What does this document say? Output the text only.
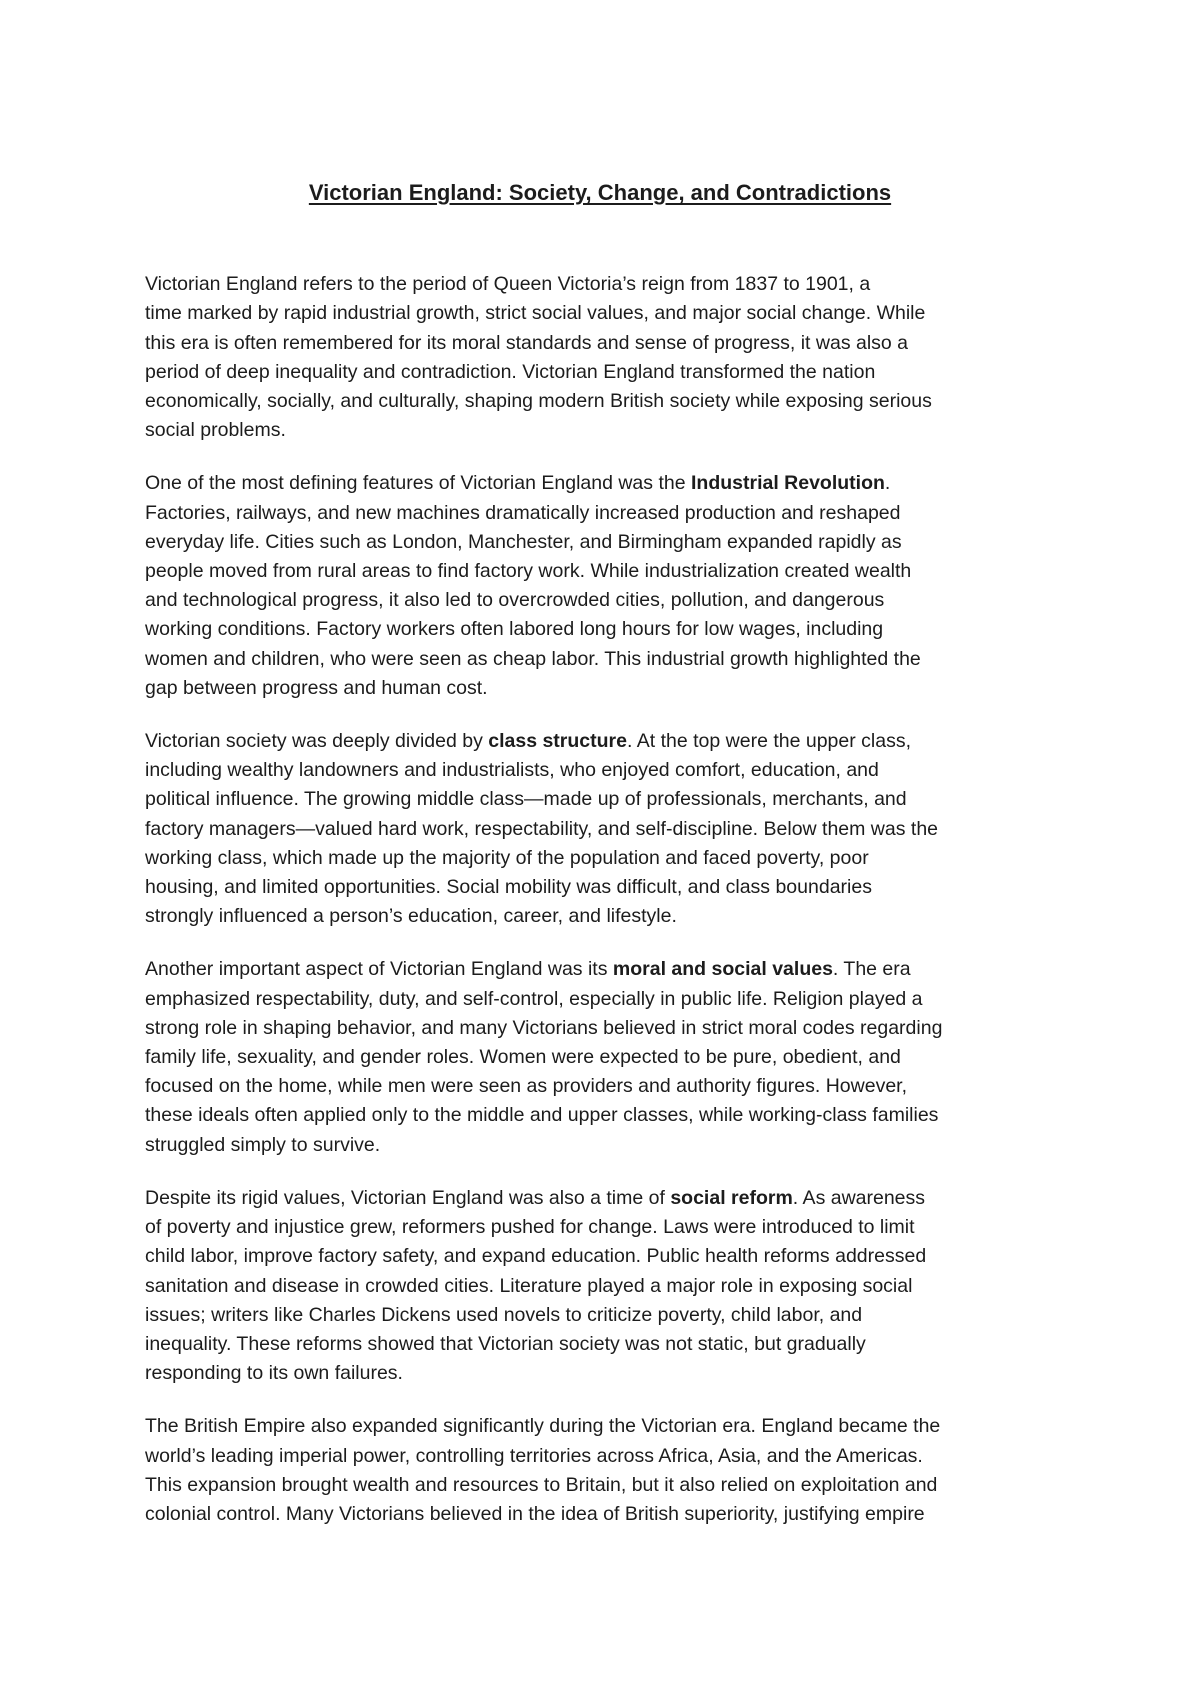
Victorian England: Society, Change, and Contradictions

Victorian England refers to the period of Queen Victoria’s reign from 1837 to 1901, a
time marked by rapid industrial growth, strict social values, and major social change. While
this era is often remembered for its moral standards and sense of progress, it was also a
period of deep inequality and contradiction. Victorian England transformed the nation
economically, socially, and culturally, shaping modern British society while exposing serious
social problems.

One of the most defining features of Victorian England was the Industrial Revolution.
Factories, railways, and new machines dramatically increased production and reshaped
everyday life. Cities such as London, Manchester, and Birmingham expanded rapidly as
people moved from rural areas to find factory work. While industrialization created wealth
and technological progress, it also led to overcrowded cities, pollution, and dangerous
working conditions. Factory workers often labored long hours for low wages, including
women and children, who were seen as cheap labor. This industrial growth highlighted the
gap between progress and human cost.

Victorian society was deeply divided by class structure. At the top were the upper class,
including wealthy landowners and industrialists, who enjoyed comfort, education, and
political influence. The growing middle class—made up of professionals, merchants, and
factory managers—valued hard work, respectability, and self-discipline. Below them was the
working class, which made up the majority of the population and faced poverty, poor
housing, and limited opportunities. Social mobility was difficult, and class boundaries
strongly influenced a person’s education, career, and lifestyle.

Another important aspect of Victorian England was its moral and social values. The era
emphasized respectability, duty, and self-control, especially in public life. Religion played a
strong role in shaping behavior, and many Victorians believed in strict moral codes regarding
family life, sexuality, and gender roles. Women were expected to be pure, obedient, and
focused on the home, while men were seen as providers and authority figures. However,
these ideals often applied only to the middle and upper classes, while working-class families
struggled simply to survive.

Despite its rigid values, Victorian England was also a time of social reform. As awareness
of poverty and injustice grew, reformers pushed for change. Laws were introduced to limit
child labor, improve factory safety, and expand education. Public health reforms addressed
sanitation and disease in crowded cities. Literature played a major role in exposing social
issues; writers like Charles Dickens used novels to criticize poverty, child labor, and
inequality. These reforms showed that Victorian society was not static, but gradually
responding to its own failures.

The British Empire also expanded significantly during the Victorian era. England became the
world’s leading imperial power, controlling territories across Africa, Asia, and the Americas.
This expansion brought wealth and resources to Britain, but it also relied on exploitation and
colonial control. Many Victorians believed in the idea of British superiority, justifying empire
